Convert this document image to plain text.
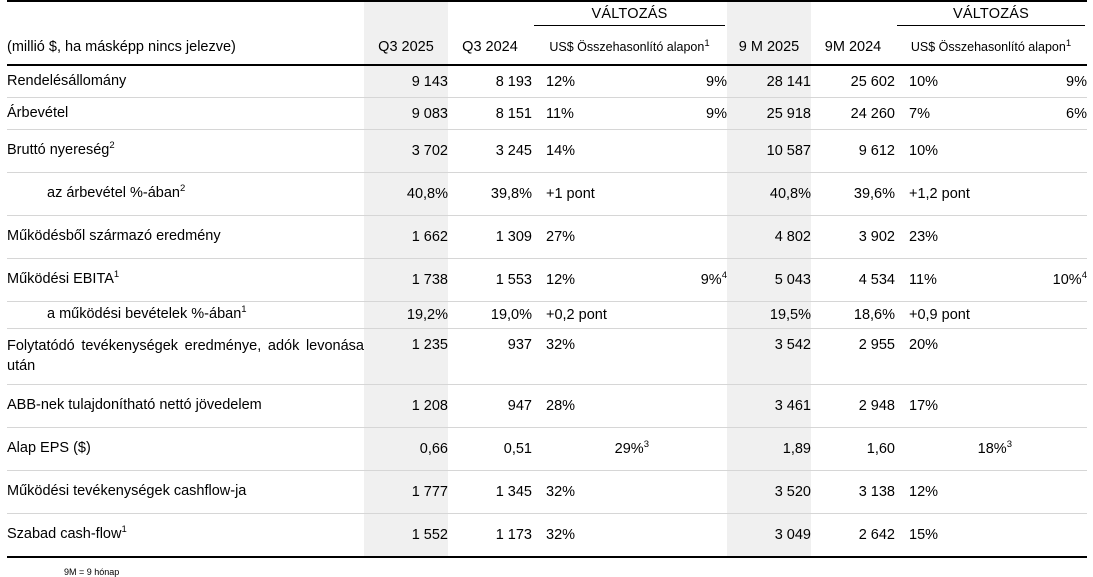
			VÁLTOZÁS				VÁLTOZÁS	

(millió $, ha másképp nincs jelezve)	Q3 2025	Q3 2024	US$ Összehasonlító alapon$^1$		9 M 2025	9M 2024	US$ Összehasonlító alapon$^1$

Rendelésállomány	9 143	8 193	12%	9%	28 141	25 602	10%	9%
Árbevétel	9 083	8 151	11%	9%	25 918	24 260	7%	6%
Bruttó nyereség$^2$	3 702	3 245	14%		10 587	9 612	10%	
az árbevétel %-ában$^2$	40,8%	39,8%	+1 pont		40,8%	39,6%	+1,2 pont	
Működésből származó eredmény	1 662	1 309	27%		4 802	3 902	23%	
Működési EBITA$^1$	1 738	1 553	12%	9%$^4$	5 043	4 534	11%	10%$^4$
a működési bevételek %-ában$^1$	19,2%	19,0%	+0,2 pont		19,5%	18,6%	+0,9 pont	
Folytatódó tevékenységek eredménye, adók levonása után	1 235	937	32%		3 542	2 955	20%	
ABB-nek tulajdonítható nettó jövedelem	1 208	947	28%		3 461	2 948	17%	
Alap EPS ($)	0,66	0,51	29%$^3$		1,89	1,60	18%$^3$	
Működési tevékenységek cashflow-ja	1 777	1 345	32%		3 520	3 138	12%	
Szabad cash-flow$^1$	1 552	1 173	32%		3 049	2 642	15%	

9M = 9 hónap
